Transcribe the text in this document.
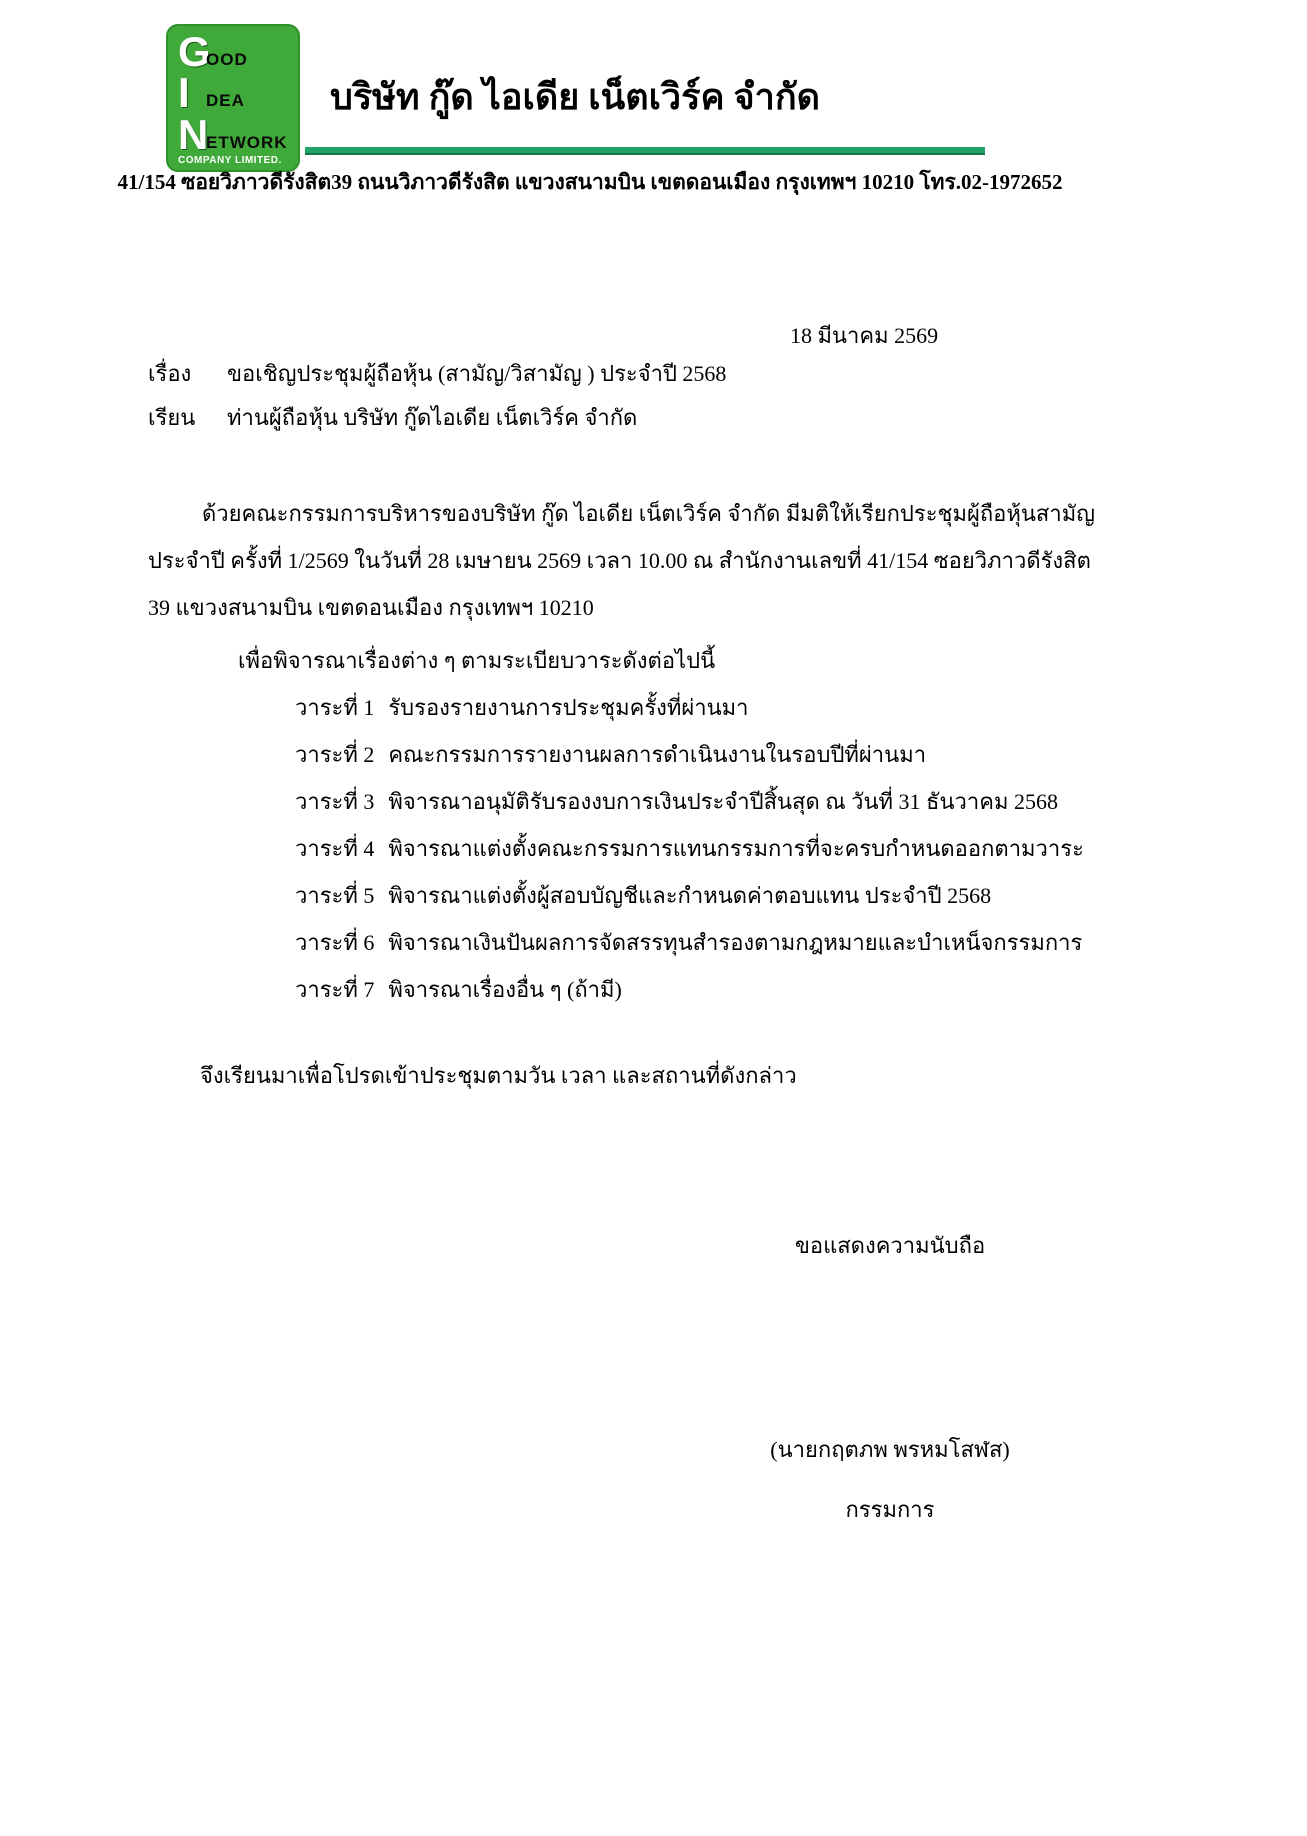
G
OOD
I DEA
N
ETWORK
COMPANY LIMITED.
บริษัท กู๊ด ไอเดีย เน็ตเวิร์ค จำกัด
41/154 ซอยวิภาวดีรังสิต39 ถนนวิภาวดีรังสิต แขวงสนามบิน เขตดอนเมือง กรุงเทพฯ 10210 โทร.02-1972652
18 มีนาคม 2569
เรื่อง	ขอเชิญประชุมผู้ถือหุ้น (สามัญ/วิสามัญ ) ประจำปี 2568
เรียน	ท่านผู้ถือหุ้น บริษัท กู๊ดไอเดีย เน็ตเวิร์ค จำกัด
ด้วยคณะกรรมการบริหารของบริษัท กู๊ด ไอเดีย เน็ตเวิร์ค จำกัด มีมติให้เรียกประชุมผู้ถือหุ้นสามัญ
ประจำปี ครั้งที่ 1/2569 ในวันที่ 28 เมษายน 2569 เวลา 10.00 ณ สำนักงานเลขที่ 41/154 ซอยวิภาวดีรังสิต
39 แขวงสนามบิน เขตดอนเมือง กรุงเทพฯ 10210
เพื่อพิจารณาเรื่องต่าง ๆ ตามระเบียบวาระดังต่อไปนี้
วาระที่ 1 รับรองรายงานการประชุมครั้งที่ผ่านมา
วาระที่ 2 คณะกรรมการรายงานผลการดำเนินงานในรอบปีที่ผ่านมา
วาระที่ 3 พิจารณาอนุมัติรับรองงบการเงินประจำปีสิ้นสุด ณ วันที่ 31 ธันวาคม 2568
วาระที่ 4 พิจารณาแต่งตั้งคณะกรรมการแทนกรรมการที่จะครบกำหนดออกตามวาระ
วาระที่ 5 พิจารณาแต่งตั้งผู้สอบบัญชีและกำหนดค่าตอบแทน ประจำปี 2568
วาระที่ 6 พิจารณาเงินปันผลการจัดสรรทุนสำรองตามกฎหมายและบำเหน็จกรรมการ
วาระที่ 7 พิจารณาเรื่องอื่น ๆ (ถ้ามี)
จึงเรียนมาเพื่อโปรดเข้าประชุมตามวัน เวลา และสถานที่ดังกล่าว
ขอแสดงความนับถือ
(นายกฤตภพ พรหมโสฬส)
กรรมการ
